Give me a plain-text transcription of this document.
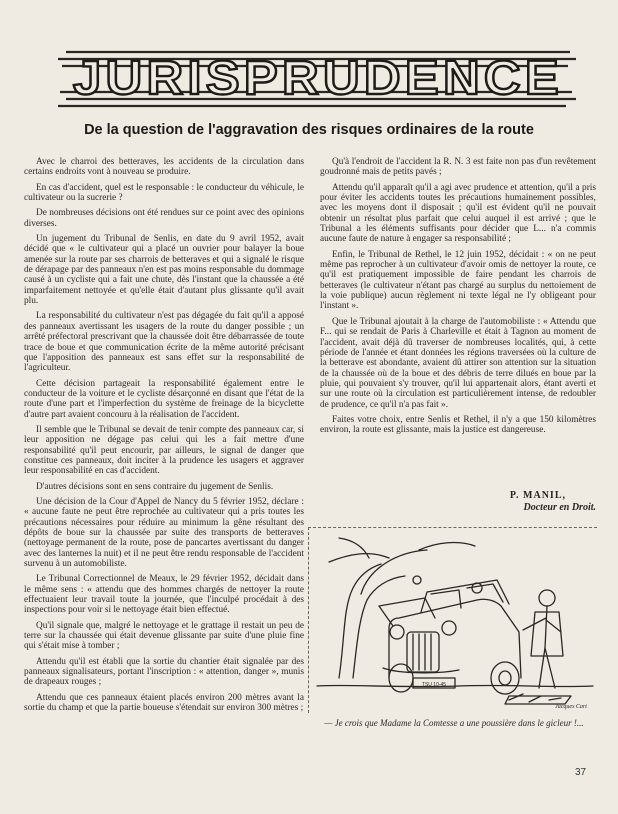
JURISPRUDENCE
De la question de l'aggravation des risques ordinaires de la route

Avec le charroi des betteraves, les accidents de la circulation dans certains endroits vont à nouveau se produire.

En cas d'accident, quel est le responsable : le conducteur du véhicule, le cultivateur ou la sucrerie ?

De nombreuses décisions ont été rendues sur ce point avec des opinions diverses.

Un jugement du Tribunal de Senlis, en date du 9 avril 1952, avait décidé que « le cultivateur qui a placé un ouvrier pour balayer la boue amenée sur la route par ses charrois de betteraves et qui a signalé le risque de dérapage par des panneaux n'en est pas moins responsable du dommage causé à un cycliste qui a fait une chute, dès l'instant que la chaussée a été imparfaitement nettoyée et qu'elle était d'autant plus glissante qu'il avait plu.

La responsabilité du cultivateur n'est pas dégagée du fait qu'il a apposé des panneaux avertissant les usagers de la route du danger possible ; un arrêté préfectoral prescrivant que la chaussée doit être débarrassée de toute trace de boue et que communication écrite de la même autorité précisant que l'apposition des panneaux est sans effet sur la responsabilité de l'agriculteur.

Cette décision partageait la responsabilité également entre le conducteur de la voiture et le cycliste désarçonné en disant que l'état de la route d'une part et l'imperfection du système de freinage de la bicyclette d'autre part avaient concouru à la réalisation de l'accident.

Il semble que le Tribunal se devait de tenir compte des panneaux car, si leur apposition ne dégage pas celui qui les a fait mettre d'une responsabilité qu'il peut encourir, par ailleurs, le signal de danger que constitue ces panneaux, doit inciter à la prudence les usagers et aggraver leur responsabilité en cas d'accident.

D'autres décisions sont en sens contraire du jugement de Senlis.

Une décision de la Cour d'Appel de Nancy du 5 février 1952, déclare : « aucune faute ne peut être reprochée au cultivateur qui a pris toutes les précautions nécessaires pour réduire au minimum la gêne résultant des dépôts de boue sur la chaussée par suite des transports de betteraves (nettoyage permanent de la route, pose de pancartes avertissant du danger avec des lanternes la nuit) et il ne peut être rendu responsable de l'accident survenu à un automobiliste.

Le Tribunal Correctionnel de Meaux, le 29 février 1952, décidait dans le même sens : « attendu que des hommes chargés de nettoyer la route effectuaient leur travail toute la journée, que l'inculpé procédait à des inspections pour voir si le nettoyage était bien effectué.

Qu'il signale que, malgré le nettoyage et le grattage il restait un peu de terre sur la chaussée qui était devenue glissante par suite d'une pluie fine qui s'était mise à tomber ;

Attendu qu'il est établi que la sortie du chantier était signalée par des panneaux signalisateurs, portant l'inscription : « attention, danger », munis de drapeaux rouges ;

Attendu que ces panneaux étaient placés environ 200 mètres avant la sortie du champ et que la partie boueuse s'étendait sur environ 300 mètres ;

Qu'à l'endroit de l'accident la R. N. 3 est faite non pas d'un revêtement goudronné mais de petits pavés ;

Attendu qu'il apparaît qu'il a agi avec prudence et attention, qu'il a pris pour éviter les accidents toutes les précautions humainement possibles, avec les moyens dont il disposait ; qu'il est évident qu'il ne pouvait obtenir un résultat plus parfait que celui auquel il est arrivé ; que le Tribunal a les éléments suffisants pour décider que L... n'a commis aucune faute de nature à engager sa responsabilité ;

Enfin, le Tribunal de Rethel, le 12 juin 1952, décidait : « on ne peut même pas reprocher à un cultivateur d'avoir omis de nettoyer la route, ce qu'il est pratiquement impossible de faire pendant les charrois de betteraves (le cultivateur n'étant pas chargé au surplus du nettoiement de la voie publique) aucun règlement ni texte légal ne l'y obligeant pour l'instant ».

Que le Tribunal ajoutait à la charge de l'automobiliste : « Attendu que F... qui se rendait de Paris à Charleville et était à Tagnon au moment de l'accident, avait déjà dû traverser de nombreuses localités, qui, à cette période de l'année et étant données les régions traversées où la culture de la betterave est abondante, avaient dû attirer son attention sur la situation de la chaussée où de la boue et des débris de terre dilués en boue par la pluie, qui pouvaient s'y trouver, qu'il lui appartenait alors, étant averti et sur une route où la circulation est particulièrement intense, de redoubler de prudence, ce qu'il n'a pas fait ».

Faites votre choix, entre Senlis et Rethel, il n'y a que 150 kilomètres environ, la route est glissante, mais la justice est dangereuse.

P. MANIL,
Docteur en Droit.
TSU 10-45
Jacques Cart
— Je crois que Madame la Comtesse a une poussière dans le gicleur !...
37
